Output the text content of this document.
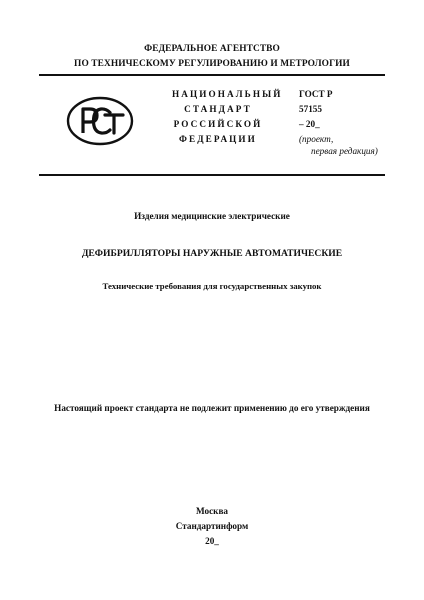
ФЕДЕРАЛЬНОЕ АГЕНТСТВО
ПО ТЕХНИЧЕСКОМУ РЕГУЛИРОВАНИЮ И МЕТРОЛОГИИ
НАЦИОНАЛЬНЫЙ
СТАНДАРТ
РОССИЙСКОЙ
ФЕДЕРАЦИИ
ГОСТ Р
57155
– 20_
(проект,
первая редакция)
Изделия медицинские электрические
ДЕФИБРИЛЛЯТОРЫ НАРУЖНЫЕ АВТОМАТИЧЕСКИЕ
Технические требования для государственных закупок
Настоящий проект стандарта не подлежит применению до его утверждения
Москва
Стандартинформ
20_
